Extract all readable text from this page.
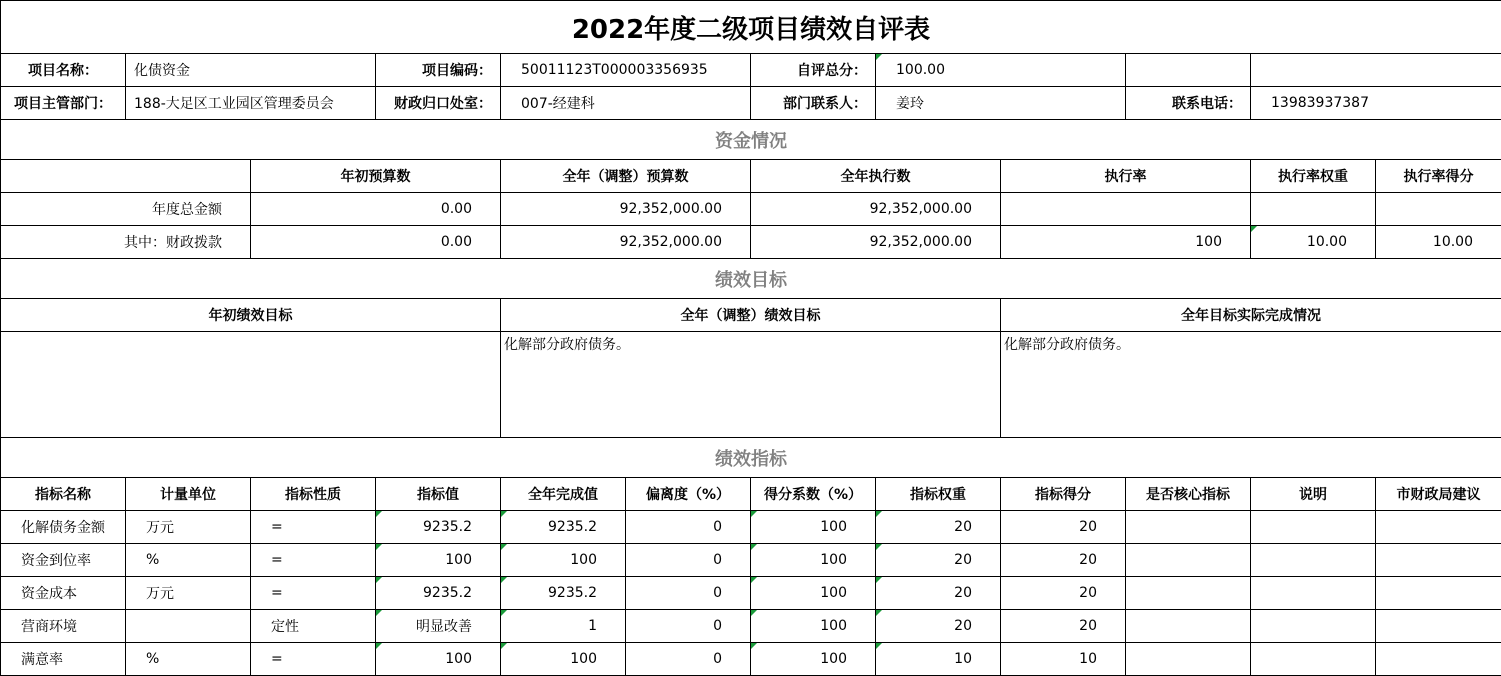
2022年度二级项目绩效自评表											
项目名称：	化债资金		项目编码：	50011123T000003356935		自评总分：	100.00				
项目主管部门：	188-大足区工业园区管理委员会		财政归口处室：	007-经建科		部门联系人：	姜玲		联系电话：	13983937387	
资金情况											
		年初预算数		全年（调整）预算数		全年执行数		执行率		执行率权重	执行率得分
年度总金额		0.00		92,352,000.00		92,352,000.00					
其中：财政拨款		0.00		92,352,000.00		92,352,000.00		100		10.00	10.00
绩效目标											
年初绩效目标				全年（调整）绩效目标				全年目标实际完成情况			
				化解部分政府债务。				化解部分政府债务。			
绩效指标											
指标名称	计量单位	指标性质	指标值	全年完成值	偏离度（%）	得分系数（%）	指标权重	指标得分	是否核心指标	说明	市财政局建议
化解债务金额	万元	=	9235.2	9235.2	0	100	20	20			
资金到位率	%	=	100	100	0	100	20	20			
资金成本	万元	=	9235.2	9235.2	0	100	20	20			
营商环境		定性	明显改善	1	0	100	20	20			
满意率	%	=	100	100	0	100	10	10			
